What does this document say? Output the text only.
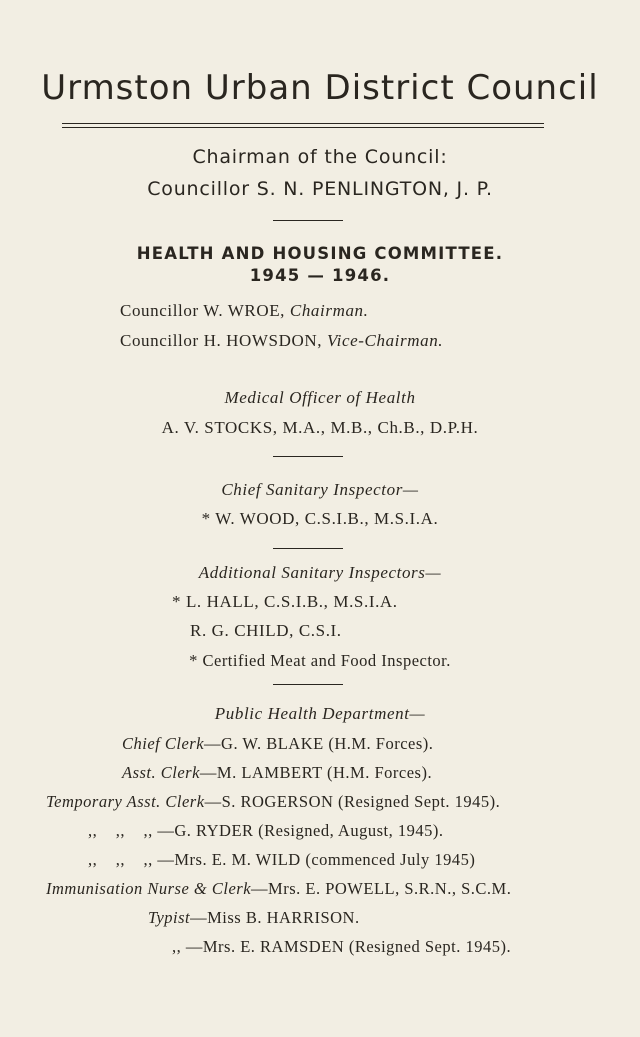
Urmston Urban District Council
Chairman of the Council:
Councillor S. N. PENLINGTON, J. P.
HEALTH AND HOUSING COMMITTEE.
1945 — 1946.
Councillor W. WROE, Chairman.
Councillor H. HOWSDON, Vice-Chairman.
Medical Officer of Health
A. V. STOCKS, M.A., M.B., Ch.B., D.P.H.
Chief Sanitary Inspector—
* W. WOOD, C.S.I.B., M.S.I.A.
Additional Sanitary Inspectors—
* L. HALL, C.S.I.B., M.S.I.A.
R. G. CHILD, C.S.I.
* Certified Meat and Food Inspector.
Public Health Department—
Chief Clerk—G. W. BLAKE (H.M. Forces).
Asst. Clerk—M. LAMBERT (H.M. Forces).
Temporary Asst. Clerk—S. ROGERSON (Resigned Sept. 1945).
,,    ,,    ,, —G. RYDER (Resigned, August, 1945).
,,    ,,    ,, —Mrs. E. M. WILD (commenced July 1945)
Immunisation Nurse & Clerk—Mrs. E. POWELL, S.R.N., S.C.M.
Typist—Miss B. HARRISON.
,, —Mrs. E. RAMSDEN (Resigned Sept. 1945).
